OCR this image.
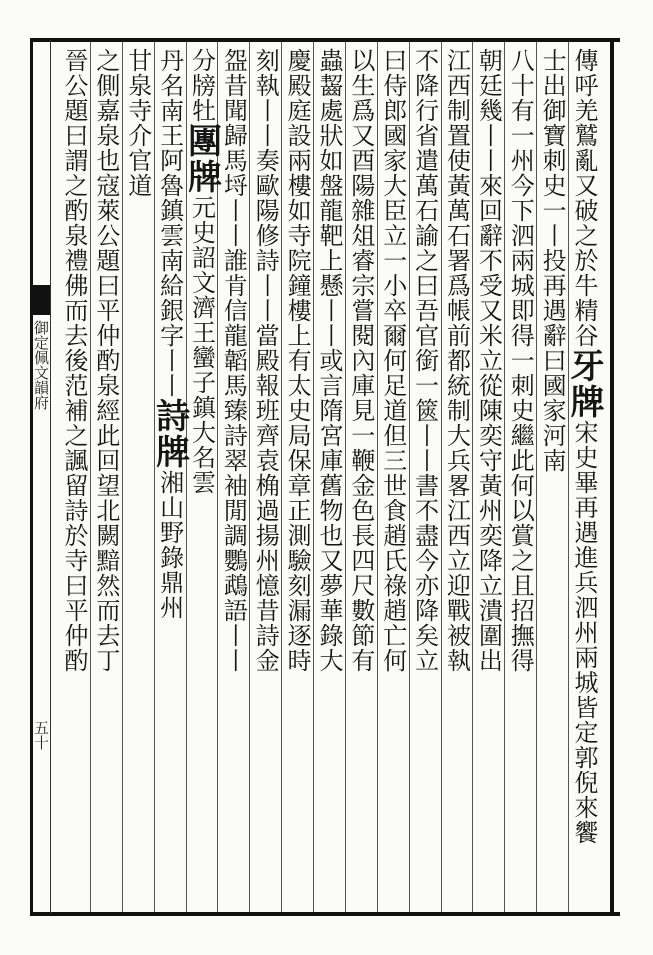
御定佩文韻府
五十
傳呼羌鷲亂又破之於牛精谷牙牌宋史畢再遇進兵泗州兩城皆定郭倪來饗
士出御寶刺史一丨投再遇辭曰國家河南
八十有一州今下泗兩城即得一刺史繼此何以賞之且招撫得
朝廷幾丨丨來回辭不受又米立從陳奕守黃州奕降立潰圍出
江西制置使黃萬石署爲帳前都統制大兵畧江西立迎戰被執
不降行省遣萬石諭之曰吾官銜一篋丨丨書不盡今亦降矣立
曰侍郎國家大臣立一小卒爾何足道但三世食趙氏祿趙亡何
以生爲又酉陽雜俎睿宗嘗閱內庫見一鞭金色長四尺數節有
蟲齧處狀如盤龍靶上懸丨丨或言隋宮庫舊物也又夢華錄大
慶殿庭設兩樓如寺院鐘樓上有太史局保章正測驗刻漏逐時
刻執丨丨奏歐陽修詩丨丨當殿報班齊袁桷過揚州憶昔詩金
盌昔聞歸馬埒丨丨誰肯信龍韜馬臻詩翠袖閒調鸚鵡語丨丨
分牓牡團牌元史詔文濟王蠻子鎮大名雲
丹名南王阿魯鎮雲南給銀字丨丨詩牌湘山野錄鼎州
甘泉寺介官道
之側嘉泉也寇萊公題曰平仲酌泉經此回望北闕黯然而去丁
晉公題曰謂之酌泉禮佛而去後范補之諷留詩於寺曰平仲酌
